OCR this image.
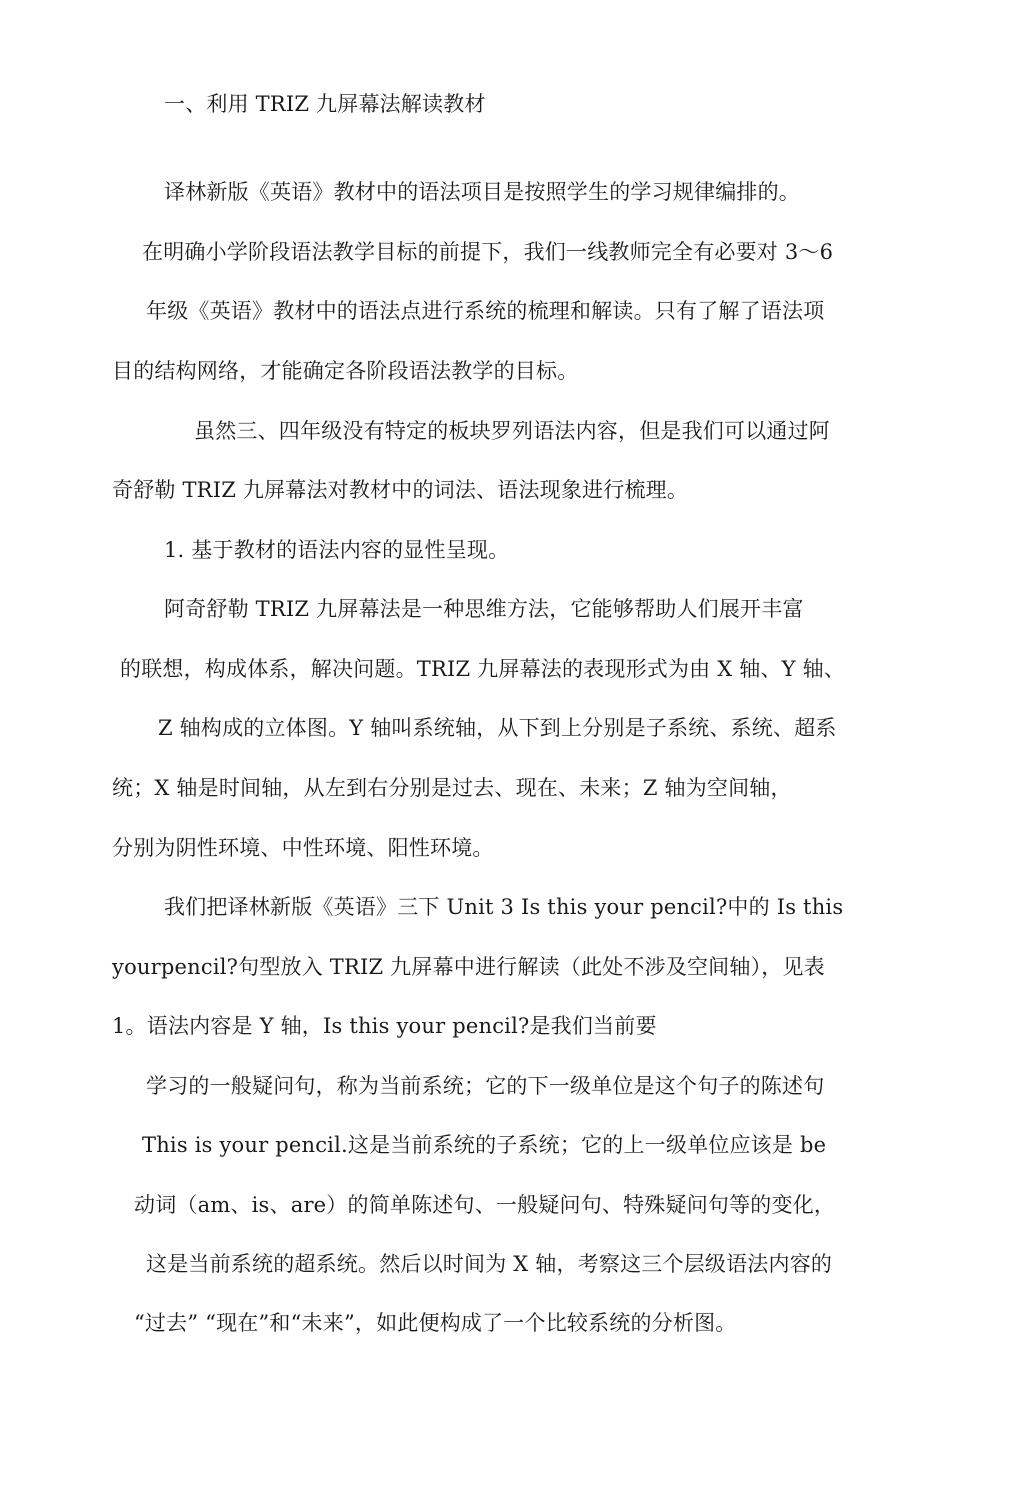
一、利用 TRIZ 九屏幕法解读教材
译林新版《英语》教材中的语法项目是按照学生的学习规律编排的。
在明确小学阶段语法教学目标的前提下，我们一线教师完全有必要对 3～6
年级《英语》教材中的语法点进行系统的梳理和解读。只有了解了语法项
目的结构网络，才能确定各阶段语法教学的目标。
虽然三、四年级没有特定的板块罗列语法内容，但是我们可以通过阿
奇舒勒 TRIZ 九屏幕法对教材中的词法、语法现象进行梳理。
1. 基于教材的语法内容的显性呈现。
阿奇舒勒 TRIZ 九屏幕法是一种思维方法，它能够帮助人们展开丰富
的联想，构成体系，解决问题。TRIZ 九屏幕法的表现形式为由 X 轴、Y 轴、
Z 轴构成的立体图。Y 轴叫系统轴，从下到上分别是子系统、系统、超系
统；X 轴是时间轴，从左到右分别是过去、现在、未来；Z 轴为空间轴，
分别为阴性环境、中性环境、阳性环境。
我们把译林新版《英语》三下 Unit 3 Is this your pencil?中的 Is this
yourpencil?句型放入 TRIZ 九屏幕中进行解读（此处不涉及空间轴），见表
1。语法内容是 Y 轴，Is this your pencil?是我们当前要
学习的一般疑问句，称为当前系统；它的下一级单位是这个句子的陈述句
This is your pencil.这是当前系统的子系统；它的上一级单位应该是 be
动词（am、is、are）的简单陈述句、一般疑问句、特殊疑问句等的变化，
这是当前系统的超系统。然后以时间为 X 轴，考察这三个层级语法内容的
“过去” “现在”和“未来”，如此便构成了一个比较系统的分析图。
